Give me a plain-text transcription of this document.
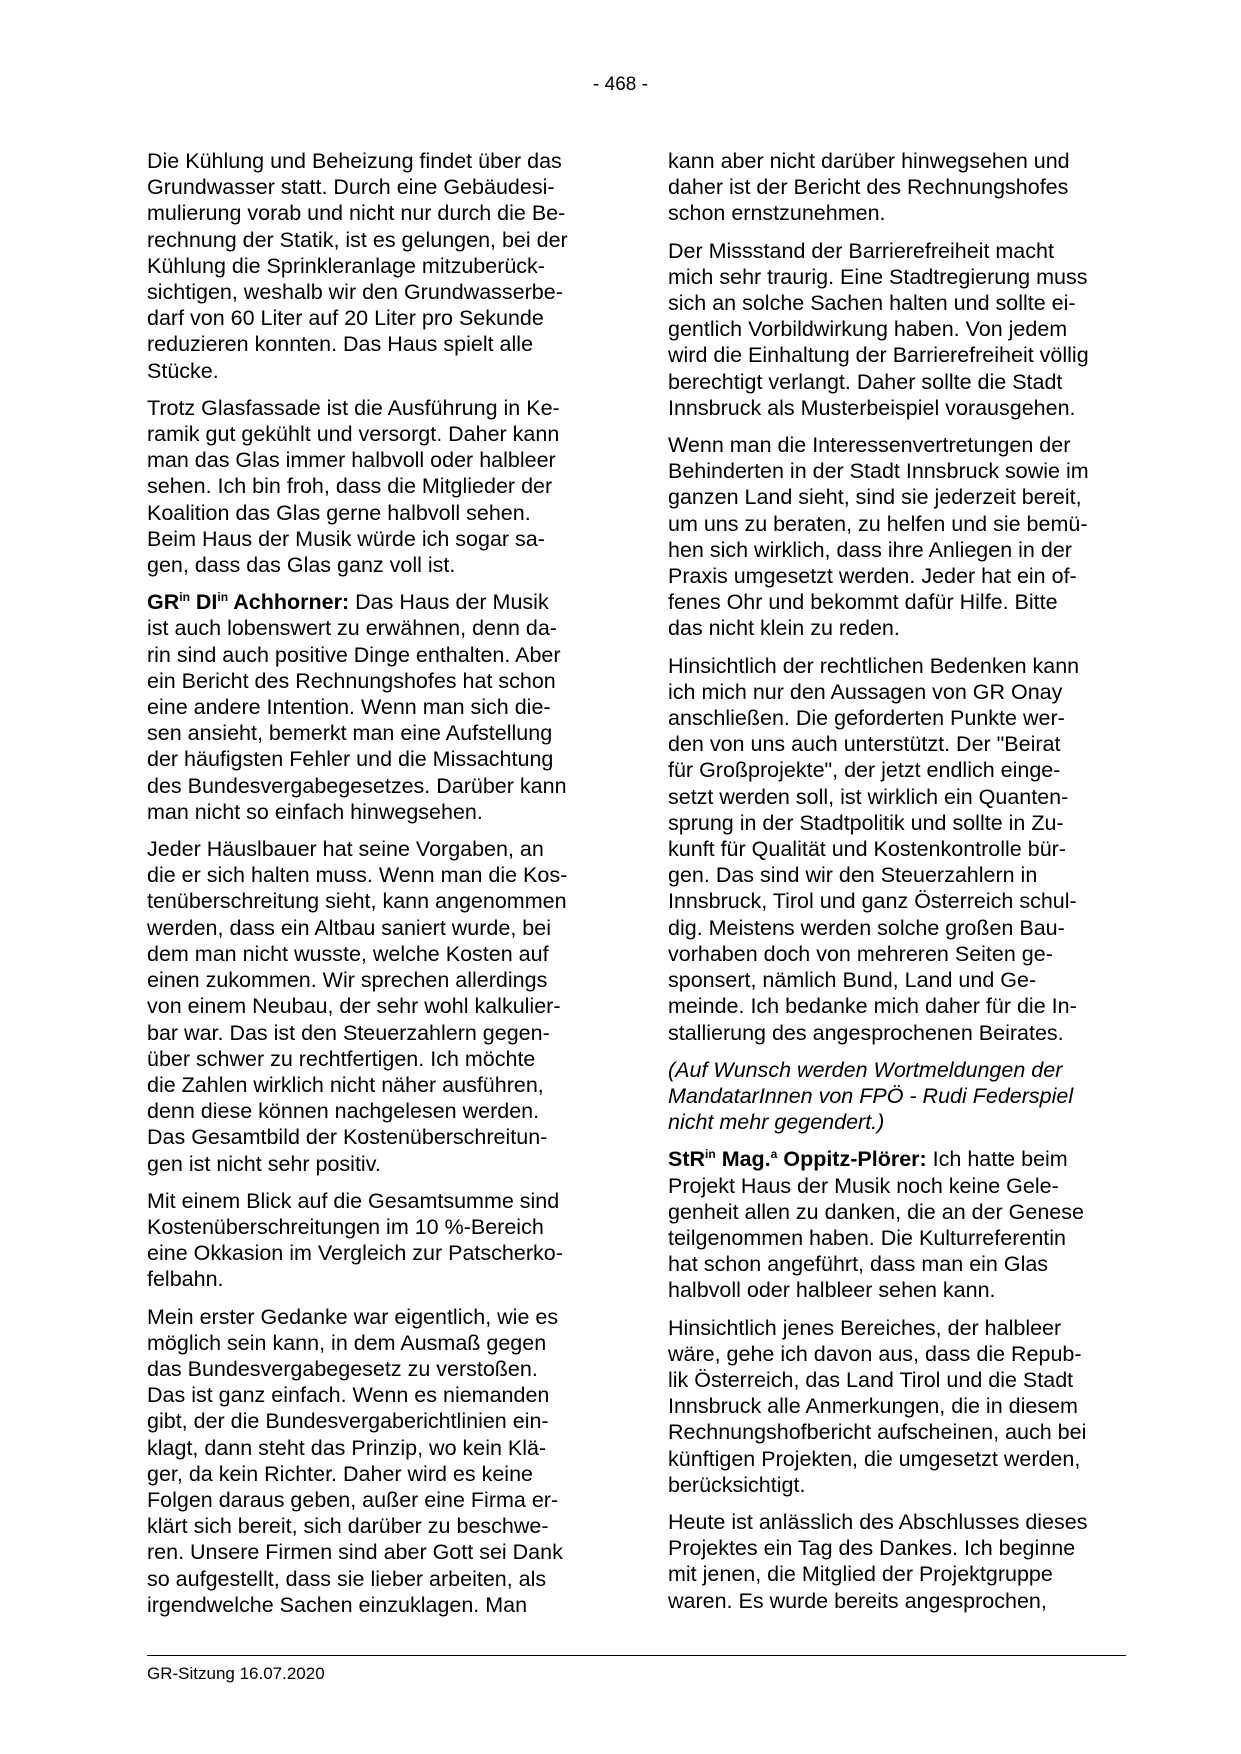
- 468 -

Die Kühlung und Beheizung findet über das
Grundwasser statt. Durch eine Gebäudesi-
mulierung vorab und nicht nur durch die Be-
rechnung der Statik, ist es gelungen, bei der
Kühlung die Sprinkleranlage mitzuberück-
sichtigen, weshalb wir den Grundwasserbe-
darf von 60 Liter auf 20 Liter pro Sekunde
reduzieren konnten. Das Haus spielt alle
Stücke.

Trotz Glasfassade ist die Ausführung in Ke-
ramik gut gekühlt und versorgt. Daher kann
man das Glas immer halbvoll oder halbleer
sehen. Ich bin froh, dass die Mitglieder der
Koalition das Glas gerne halbvoll sehen.
Beim Haus der Musik würde ich sogar sa-
gen, dass das Glas ganz voll ist.

$GR^{in}$ $DI^{in}$ Achhorner: Das Haus der Musik
ist auch lobenswert zu erwähnen, denn da-
rin sind auch positive Dinge enthalten. Aber
ein Bericht des Rechnungshofes hat schon
eine andere Intention. Wenn man sich die-
sen ansieht, bemerkt man eine Aufstellung
der häufigsten Fehler und die Missachtung
des Bundesvergabegesetzes. Darüber kann
man nicht so einfach hinwegsehen.

Jeder Häuslbauer hat seine Vorgaben, an
die er sich halten muss. Wenn man die Kos-
tenüberschreitung sieht, kann angenommen
werden, dass ein Altbau saniert wurde, bei
dem man nicht wusste, welche Kosten auf
einen zukommen. Wir sprechen allerdings
von einem Neubau, der sehr wohl kalkulier-
bar war. Das ist den Steuerzahlern gegen-
über schwer zu rechtfertigen. Ich möchte
die Zahlen wirklich nicht näher ausführen,
denn diese können nachgelesen werden.
Das Gesamtbild der Kostenüberschreitun-
gen ist nicht sehr positiv.

Mit einem Blick auf die Gesamtsumme sind
Kostenüberschreitungen im 10 %-Bereich
eine Okkasion im Vergleich zur Patscherko-
felbahn.

Mein erster Gedanke war eigentlich, wie es
möglich sein kann, in dem Ausmaß gegen
das Bundesvergabegesetz zu verstoßen.
Das ist ganz einfach. Wenn es niemanden
gibt, der die Bundesvergaberichtlinien ein-
klagt, dann steht das Prinzip, wo kein Klä-
ger, da kein Richter. Daher wird es keine
Folgen daraus geben, außer eine Firma er-
klärt sich bereit, sich darüber zu beschwe-
ren. Unsere Firmen sind aber Gott sei Dank
so aufgestellt, dass sie lieber arbeiten, als
irgendwelche Sachen einzuklagen. Man

kann aber nicht darüber hinwegsehen und
daher ist der Bericht des Rechnungshofes
schon ernstzunehmen.

Der Missstand der Barrierefreiheit macht
mich sehr traurig. Eine Stadtregierung muss
sich an solche Sachen halten und sollte ei-
gentlich Vorbildwirkung haben. Von jedem
wird die Einhaltung der Barrierefreiheit völlig
berechtigt verlangt. Daher sollte die Stadt
Innsbruck als Musterbeispiel vorausgehen.

Wenn man die Interessenvertretungen der
Behinderten in der Stadt Innsbruck sowie im
ganzen Land sieht, sind sie jederzeit bereit,
um uns zu beraten, zu helfen und sie bemü-
hen sich wirklich, dass ihre Anliegen in der
Praxis umgesetzt werden. Jeder hat ein of-
fenes Ohr und bekommt dafür Hilfe. Bitte
das nicht klein zu reden.

Hinsichtlich der rechtlichen Bedenken kann
ich mich nur den Aussagen von GR Onay
anschließen. Die geforderten Punkte wer-
den von uns auch unterstützt. Der "Beirat
für Großprojekte", der jetzt endlich einge-
setzt werden soll, ist wirklich ein Quanten-
sprung in der Stadtpolitik und sollte in Zu-
kunft für Qualität und Kostenkontrolle bür-
gen. Das sind wir den Steuerzahlern in
Innsbruck, Tirol und ganz Österreich schul-
dig. Meistens werden solche großen Bau-
vorhaben doch von mehreren Seiten ge-
sponsert, nämlich Bund, Land und Ge-
meinde. Ich bedanke mich daher für die In-
stallierung des angesprochenen Beirates.

(Auf Wunsch werden Wortmeldungen der
MandatarInnen von FPÖ - Rudi Federspiel
nicht mehr gegendert.)

StR$^{in}$ Mag.$^a$ Oppitz-Plörer: Ich hatte beim
Projekt Haus der Musik noch keine Gele-
genheit allen zu danken, die an der Genese
teilgenommen haben. Die Kulturreferentin
hat schon angeführt, dass man ein Glas
halbvoll oder halbleer sehen kann.

Hinsichtlich jenes Bereiches, der halbleer
wäre, gehe ich davon aus, dass die Repub-
lik Österreich, das Land Tirol und die Stadt
Innsbruck alle Anmerkungen, die in diesem
Rechnungshofbericht aufscheinen, auch bei
künftigen Projekten, die umgesetzt werden,
berücksichtigt.

Heute ist anlässlich des Abschlusses dieses
Projektes ein Tag des Dankes. Ich beginne
mit jenen, die Mitglied der Projektgruppe
waren. Es wurde bereits angesprochen,

GR-Sitzung 16.07.2020
